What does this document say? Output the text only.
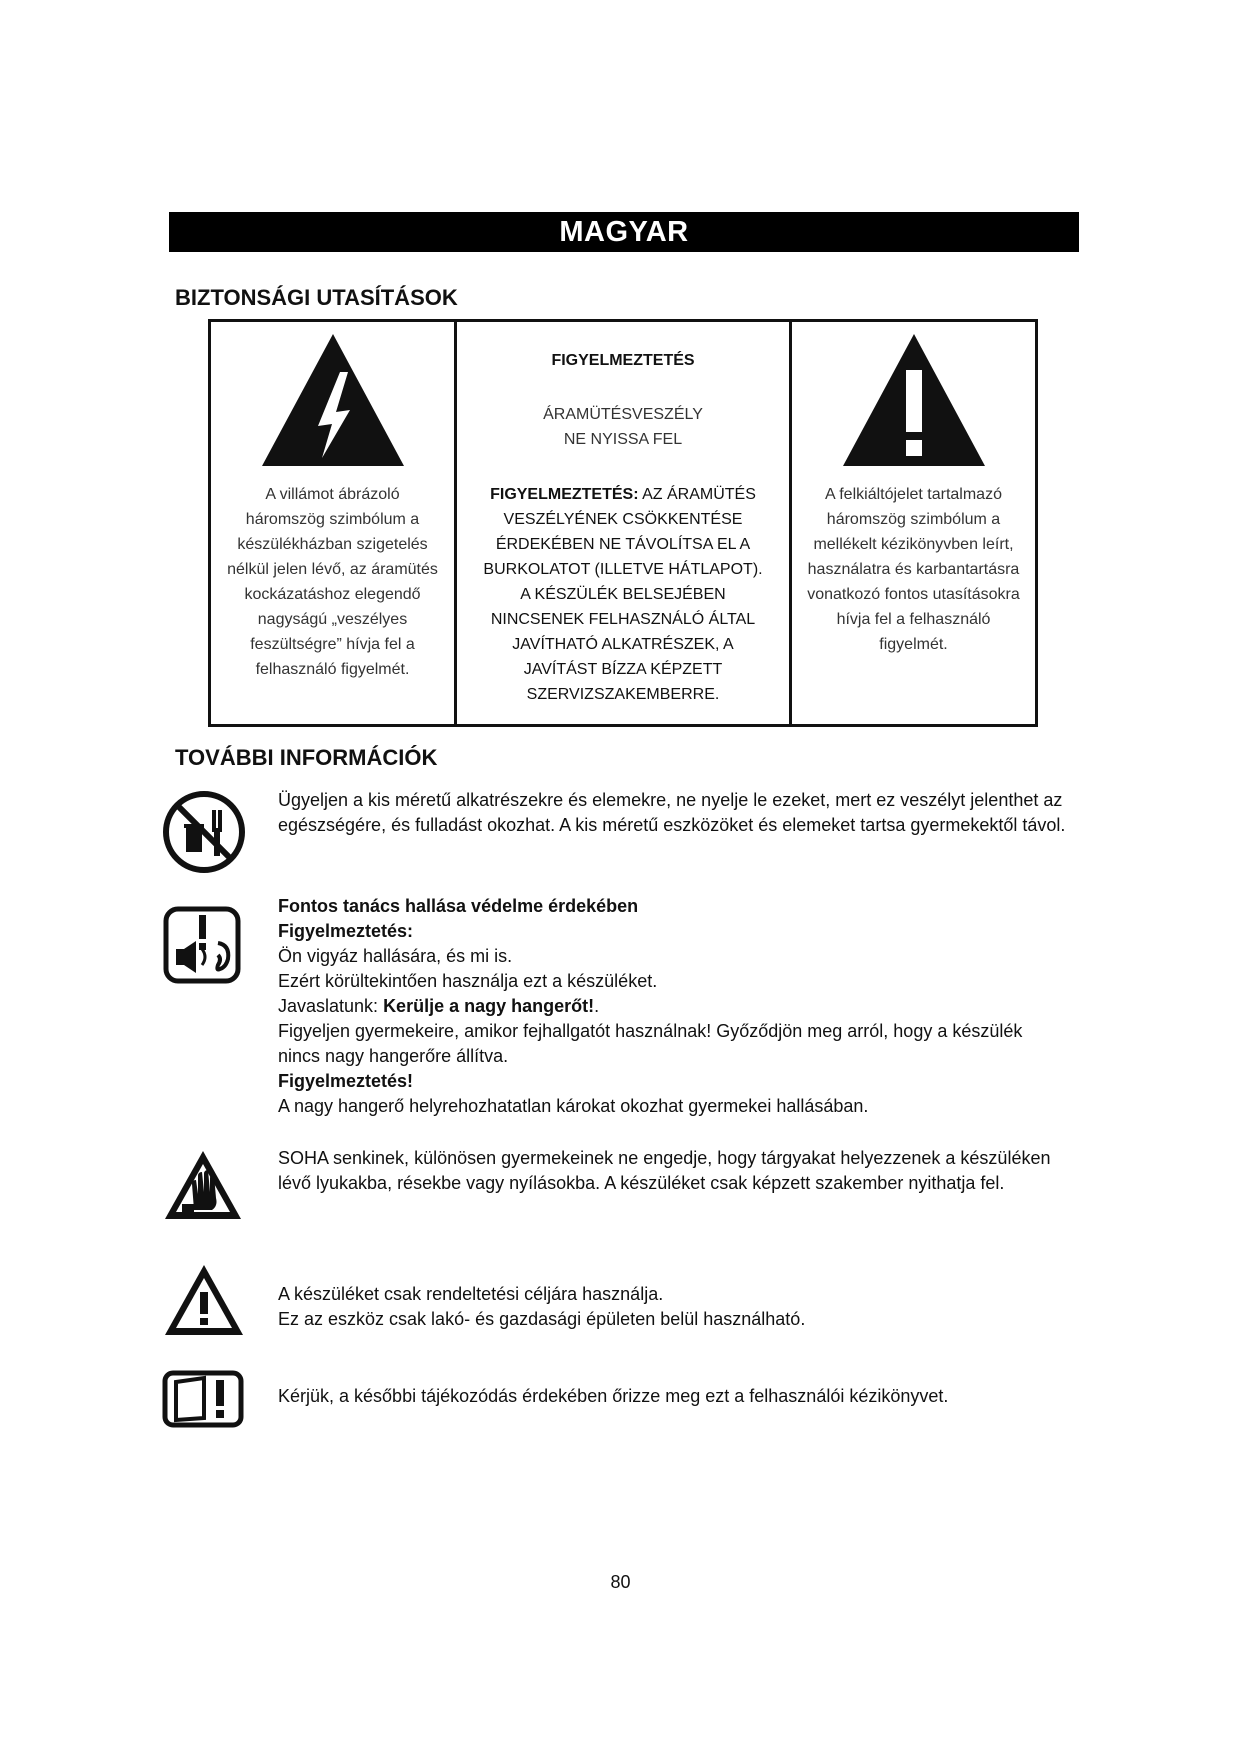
MAGYAR
BIZTONSÁGI UTASÍTÁSOK
A villámot ábrázoló
háromszög szimbólum a
készülékházban szigetelés
nélkül jelen lévő, az áramütés
kockázatáshoz elegendő
nagyságú „veszélyes
feszültségre” hívja fel a
felhasználó figyelmét.
FIGYELMEZTETÉS
ÁRAMÜTÉSVESZÉLY
NE NYISSA FEL
FIGYELMEZTETÉS: AZ ÁRAMÜTÉS
VESZÉLYÉNEK CSÖKKENTÉSE
ÉRDEKÉBEN NE TÁVOLÍTSA EL A
BURKOLATOT (ILLETVE HÁTLAPOT).
A KÉSZÜLÉK BELSEJÉBEN
NINCSENEK FELHASZNÁLÓ ÁLTAL
JAVÍTHATÓ ALKATRÉSZEK, A
JAVÍTÁST BÍZZA KÉPZETT
SZERVIZSZAKEMBERRE.
A felkiáltójelet tartalmazó
háromszög szimbólum a
mellékelt kézikönyvben leírt,
használatra és karbantartásra
vonatkozó fontos utasításokra
hívja fel a felhasználó
figyelmét.
TOVÁBBI INFORMÁCIÓK

Ügyeljen a kis méretű alkatrészekre és elemekre, ne nyelje le ezeket, mert ez veszélyt jelenthet az egészségére, és fulladást okozhat. A kis méretű eszközöket és elemeket tartsa gyermekektől távol.

Fontos tanács hallása védelme érdekében

Figyelmeztetés:

Ön vigyáz hallására, és mi is.

Ezért körültekintően használja ezt a készüléket.

Javaslatunk: Kerülje a nagy hangerőt!.

Figyeljen gyermekeire, amikor fejhallgatót használnak! Győződjön meg arról, hogy a készülék nincs nagy hangerőre állítva.

Figyelmeztetés!

A nagy hangerő helyrehozhatatlan károkat okozhat gyermekei hallásában.

SOHA senkinek, különösen gyermekeinek ne engedje, hogy tárgyakat helyezzenek a készüléken lévő lyukakba, résekbe vagy nyílásokba. A készüléket csak képzett szakember nyithatja fel.

A készüléket csak rendeltetési céljára használja.

Ez az eszköz csak lakó- és gazdasági épületen belül használható.

Kérjük, a későbbi tájékozódás érdekében őrizze meg ezt a felhasználói kézikönyvet.

80
